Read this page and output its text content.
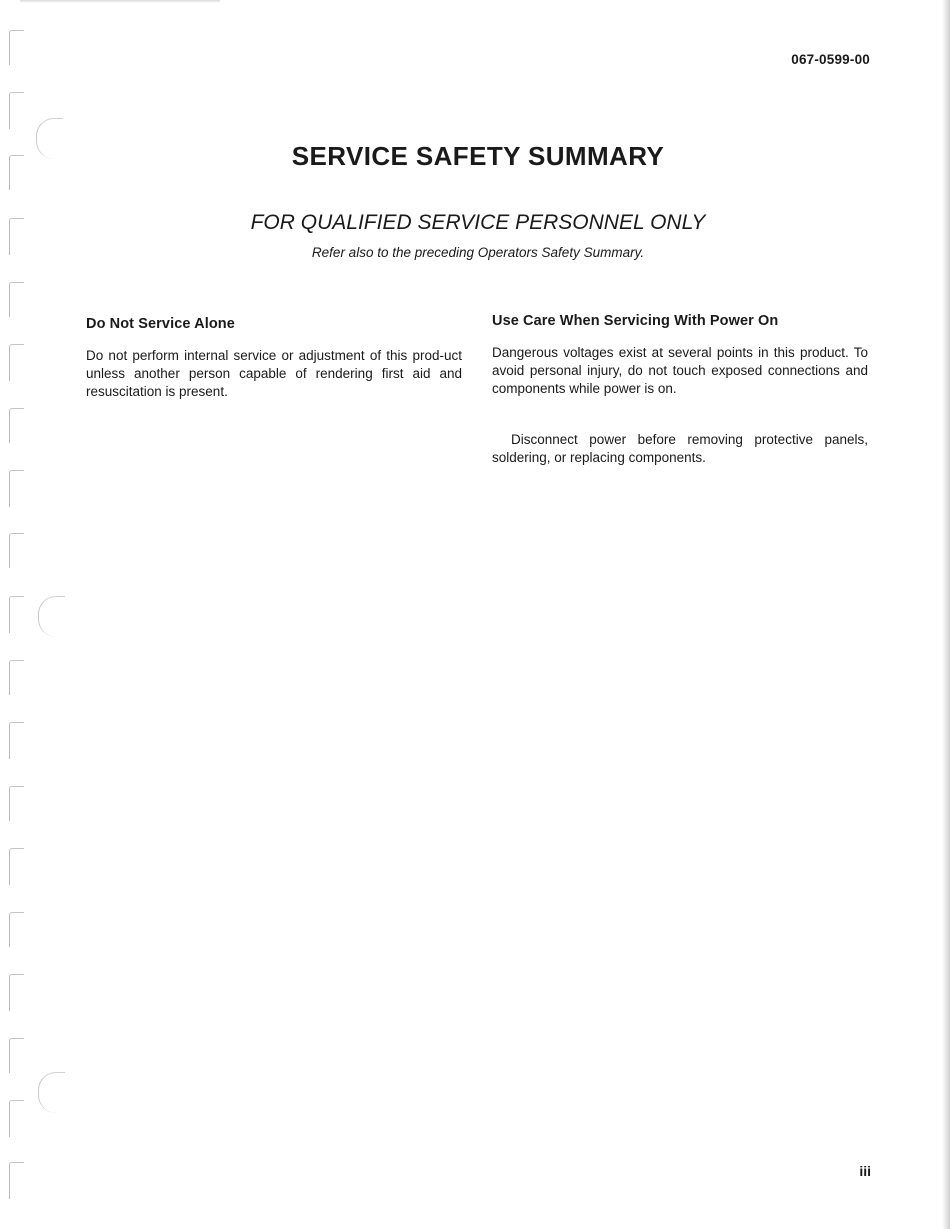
067-0599-00
SERVICE SAFETY SUMMARY
FOR QUALIFIED SERVICE PERSONNEL ONLY
Refer also to the preceding Operators Safety Summary.

Do Not Service Alone

Do not perform internal service or adjustment of this prod-uct unless another person capable of rendering first aid and resuscitation is present.

Use Care When Servicing With Power On

Dangerous voltages exist at several points in this product. To avoid personal injury, do not touch exposed connections and components while power is on.

Disconnect power before removing protective panels, soldering, or replacing components.

iii
